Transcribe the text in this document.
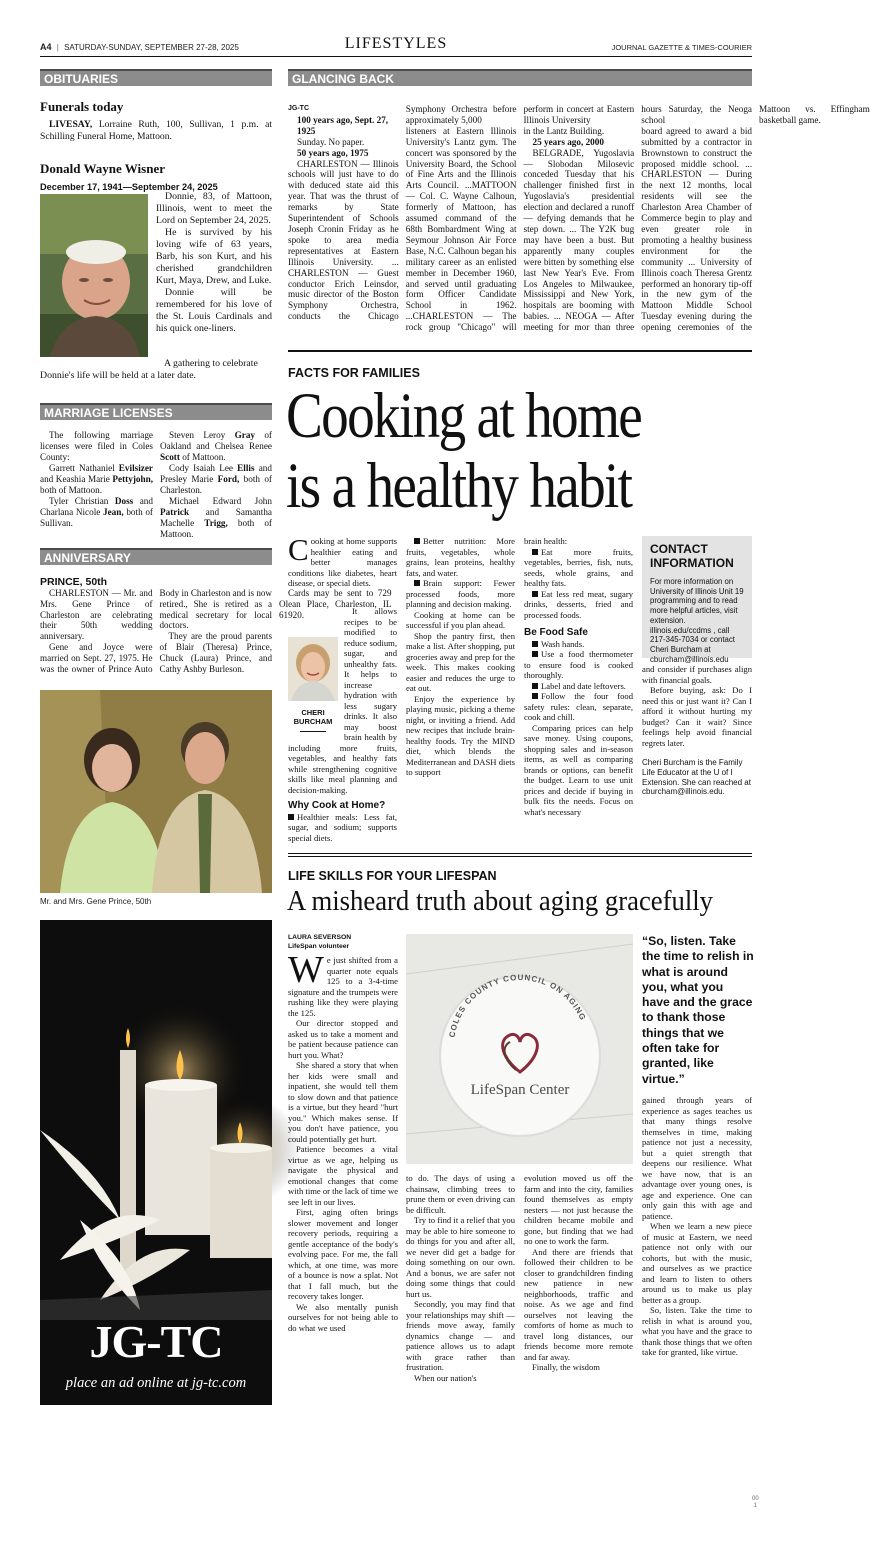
A4 | SATURDAY-SUNDAY, SEPTEMBER 27-28, 2025	LIFESTYLES	JOURNAL GAZETTE & TIMES-COURIER
OBITUARIES
Funerals today
LIVESAY, Lorraine Ruth, 100, Sullivan, 1 p.m. at Schilling Funeral Home, Mattoon.
Donald Wayne Wisner
December 17, 1941—September 24, 2025

Donnie, 83, of Mattoon, Illinois, went to meet the Lord on September 24, 2025.

He is survived by his loving wife of 63 years, Barb, his son Kurt, and his cherished grandchildren Kurt, Maya, Drew, and Luke.

Donnie will be remembered for his love of the St. Louis Cardinals and his quick one-liners.

A gathering to celebrate Donnie's life will be held at a later date.
MARRIAGE LICENSES

The following marriage licenses were filed in Coles County:

Garrett Nathaniel Evilsizer and Keashia Marie Pettyjohn, both of Mattoon.

Tyler Christian Doss and Charlana Nicole Jean, both of Sullivan.

Steven Leroy Gray of Oakland and Chelsea Renee Scott of Mattoon.

Cody Isaiah Lee Ellis and Presley Marie Ford, both of Charleston.

Michael Edward John Patrick and Samantha Machelle Trigg, both of Mattoon.

ANNIVERSARY
PRINCE, 50th

CHARLESTON — Mr. and Mrs. Gene Prince of Charleston are celebrating their 50th wedding anniversary.

Gene and Joyce were married on Sept. 27, 1975. He was the owner of Prince Auto Body in Charleston and is now retired., She is retired as a medical secretary for local doctors.

They are the proud parents of Blair (Theresa) Prince, Chuck (Laura) Prince, and Cathy Ashby Burleson.

Cards may be sent to 729 Olean Place, Charleston, IL 61920.

Mr. and Mrs. Gene Prince, 50th
JG-TC
place an ad online at jg-tc.com
GLANCING BACK
JG-TC
100 years ago, Sept. 27, 1925

Sunday. No paper.

50 years ago, 1975

CHARLESTON — Illinois schools will just have to do with deduced state aid this year. That was the thrust of remarks by State Superintendent of Schools Joseph Cronin Friday as he spoke to area media representatives at Eastern Illinois University. ... CHARLESTON — Guest conductor Erich Leinsdor, music director of the Boston Symphony Orchestra, conducts the Chicago Symphony Orchestra before approximately 5,000

listeners at Eastern Illinois University's Lantz gym. The concert was sponsored by the University Board, the School of Fine Arts and the Illinois Arts Council. ...MATTOON — Col. C. Wayne Calhoun, formerly of Mattoon, has assumed command of the 68th Bombardment Wing at Seymour Johnson Air Force Base, N.C. Calhoun began his military career as an enlisted member in December 1960, and served until graduating form Officer Candidate School in 1962. ...CHARLESTON — The rock group "Chicago" will perform in concert at Eastern Illinois University

in the Lantz Building.

25 years ago, 2000

BELGRADE, Yugoslavia — Slobodan Milosevic conceded Tuesday that his challenger finished first in Yugoslavia's presidential election and declared a runoff — defying demands that he step down. ... The Y2K bug may have been a bust. But apparently many couples were bitten by something else last New Year's Eve. From Los Angeles to Milwaukee, Mississippi and New York, hospitals are booming with babies. ... NEOGA — After meeting for mor than three hours Saturday, the Neoga school

board agreed to award a bid submitted by a contractor in Brownstown to construct the proposed middle school. ... CHARLESTON — During the next 12 months, local residents will see the Charleston Area Chamber of Commerce begin to play and even greater role in promoting a healthy business environment for the community ... University of Illinois coach Theresa Grentz performed an honorary tip-off in the new gym of the Mattoon Middle School Tuesday evening during the opening ceremonies of the Mattoon vs. Effingham basketball game.

FACTS FOR FAMILIES
Cooking at home
is a healthy habit
Cooking at home supports healthier eating and better manages conditions like diabetes, heart disease, or special diets.
CHERI
BURCHAM

It allows recipes to be modified to reduce sodium, sugar, and unhealthy fats. It helps to increase hydration with less sugary drinks. It also may boost brain health by including more fruits, vegetables, and healthy fats while strengthening cognitive skills like meal planning and decision-making.

Why Cook at Home?
Healthier meals: Less fat, sugar, and sodium; supports special diets.
Better nutrition: More fruits, vegetables, whole grains, lean proteins, healthy fats, and water.
Brain support: Fewer processed foods, more planning and decision making.

Cooking at home can be successful if you plan ahead.

Shop the pantry first, then make a list. After shopping, put groceries away and prep for the week. This makes cooking easier and reduces the urge to eat out.

Enjoy the experience by playing music, picking a theme night, or inviting a friend. Add new recipes that include brain-healthy foods. Try the MIND diet, which blends the Mediterranean and DASH diets to support

brain health:
Eat more fruits, vegetables, berries, fish, nuts, seeds, whole grains, and healthy fats.
Eat less red meat, sugary drinks, desserts, fried and processed foods.
Be Food Safe
Wash hands.
Use a food thermometer to ensure food is cooked thoroughly.
Label and date leftovers.
Follow the four food safety rules: clean, separate, cook and chill.

Comparing prices can help save money. Using coupons, shopping sales and in-season items, as well as comparing brands or options, can benefit the budget. Learn to use unit prices and decide if buying in bulk fits the needs. Focus on what's necessary

CONTACT
INFORMATION
For more information on University of Illinois Unit 19 programming and to read more helpful articles, visit extension. illinois.edu/ccdms , call 217-345-7034 or contact Cheri Burcham at cburcham@illinois.edu
and consider if purchases align with financial goals.

Before buying, ask: Do I need this or just want it? Can I afford it without hurting my budget? Can it wait? Since feelings help avoid financial regrets later.

Cheri Burcham is the Family Life Educator at the U of I Extension. She can reached at cburcham@illinois.edu.
LIFE SKILLS FOR YOUR LIFESPAN
A misheard truth about aging gracefully
LAURA SEVERSON
LifeSpan volunteer
We just shifted from a quarter note equals 125 to a 3-4-time signature and the trumpets were rushing like they were playing the 125.

Our director stopped and asked us to take a moment and be patient because patience can hurt you. What?

She shared a story that when her kids were small and inpatient, she would tell them to slow down and that patience is a virtue, but they heard "hurt you." Which makes sense. If you don't have patience, you could potentially get hurt.

Patience becomes a vital virtue as we age, helping us navigate the physical and emotional changes that come with time or the lack of time we see left in our lives.

First, aging often brings slower movement and longer recovery periods, requiring a gentle acceptance of the body's evolving pace. For me, the fall which, at one time, was more of a bounce is now a splat. Not that I fall much, but the recovery takes longer.

We also mentally punish ourselves for not being able to do what we used

COLES COUNTY COUNCIL ON AGING
LifeSpan Center
to do. The days of using a chainsaw, climbing trees to prune them or even driving can be difficult.

Try to find it a relief that you may be able to hire someone to do things for you and after all, we never did get a badge for doing something on our own. And a bonus, we are safer not doing some things that could hurt us.

Secondly, you may find that your relationships may shift — friends move away, family dynamics change — and patience allows us to adapt with grace rather than frustration.

When our nation's

evolution moved us off the farm and into the city, families found themselves as empty nesters — not just because the children became mobile and gone, but finding that we had no one to work the farm.

And there are friends that followed their children to be closer to grandchildren finding new patience in new neighborhoods, traffic and noise. As we age and find ourselves not leaving the comforts of home as much to travel long distances, our friends become more remote and far away.

Finally, the wisdom

“So, listen. Take the time to relish in what is around you, what you have and the grace to thank those things that we often take for granted, like virtue.”
gained through years of experience as sages teaches us that many things resolve themselves in time, making patience not just a necessity, but a quiet strength that deepens our resilience. What we have now, that is an advantage over young ones, is age and experience. One can only gain this with age and patience.

When we learn a new piece of music at Eastern, we need patience not only with our cohorts, but with the music, and ourselves as we practice and learn to listen to others around us to make us play better as a group.

So, listen. Take the time to relish in what is around you, what you have and the grace to thank those things that we often take for granted, like virtue.

00
1
